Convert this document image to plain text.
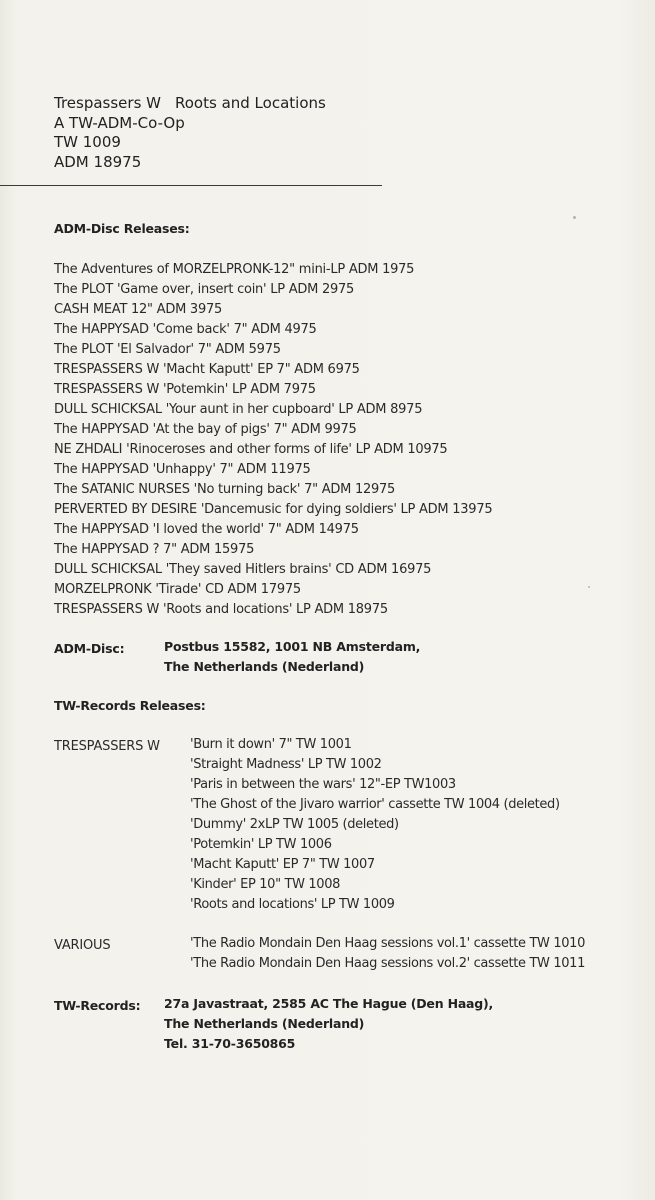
Trespassers W Roots and Locations
A TW-ADM-Co-Op
TW 1009
ADM 18975
ADM-Disc Releases:
The Adventures of MORZELPRONK-12" mini-LP ADM 1975
The PLOT 'Game over, insert coin' LP ADM 2975
CASH MEAT 12" ADM 3975
The HAPPYSAD 'Come back' 7" ADM 4975
The PLOT 'El Salvador' 7" ADM 5975
TRESPASSERS W 'Macht Kaputt' EP 7" ADM 6975
TRESPASSERS W 'Potemkin' LP ADM 7975
DULL SCHICKSAL 'Your aunt in her cupboard' LP ADM 8975
The HAPPYSAD 'At the bay of pigs' 7" ADM 9975
NE ZHDALI 'Rinoceroses and other forms of life' LP ADM 10975
The HAPPYSAD 'Unhappy' 7" ADM 11975
The SATANIC NURSES 'No turning back' 7" ADM 12975
PERVERTED BY DESIRE 'Dancemusic for dying soldiers' LP ADM 13975
The HAPPYSAD 'I loved the world' 7" ADM 14975
The HAPPYSAD ? 7" ADM 15975
DULL SCHICKSAL 'They saved Hitlers brains' CD ADM 16975
MORZELPRONK 'Tirade' CD ADM 17975
TRESPASSERS W 'Roots and locations' LP ADM 18975
ADM-Disc:	Postbus 15582, 1001 NB Amsterdam,
The Netherlands (Nederland)
TW-Records Releases:
TRESPASSERS W 'Burn it down' 7" TW 1001
'Straight Madness' LP TW 1002
'Paris in between the wars' 12"-EP TW1003
'The Ghost of the Jivaro warrior' cassette TW 1004 (deleted)
'Dummy' 2xLP TW 1005 (deleted)
'Potemkin' LP TW 1006
'Macht Kaputt' EP 7" TW 1007
'Kinder' EP 10" TW 1008
'Roots and locations' LP TW 1009
VARIOUS	'The Radio Mondain Den Haag sessions vol.1' cassette TW 1010
'The Radio Mondain Den Haag sessions vol.2' cassette TW 1011
TW-Records: 27a Javastraat, 2585 AC The Hague (Den Haag),
The Netherlands (Nederland)
Tel. 31-70-3650865
